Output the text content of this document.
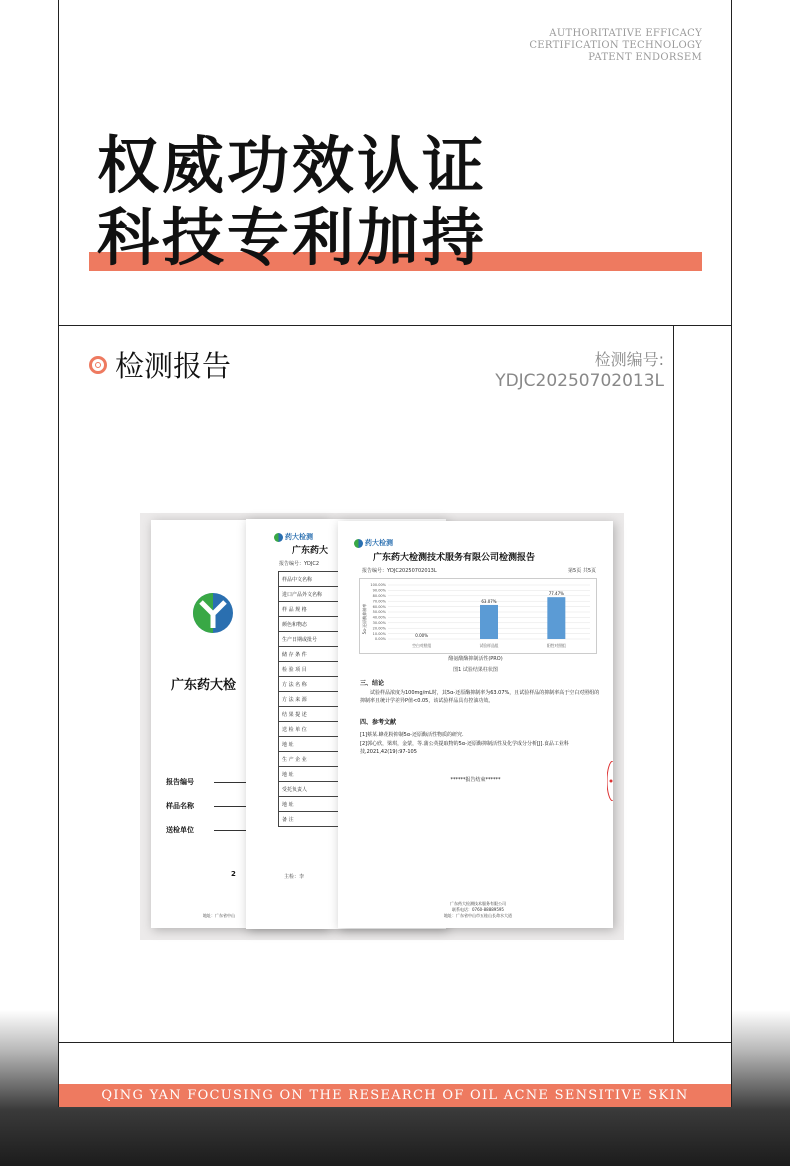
AUTHORITATIVE EFFICACY
CERTIFICATION TECHNOLOGY
PATENT ENDORSEM
权威功效认证
科技专利加持
检测报告	检测编号:
YDJC20250702013L
广东药大检
报告编号
样品名称
送检单位
2
地址：广东省中山
药大检测
广东药大
报告编号：YDJC2
样品中文名称	
进口产品外文名称	
样 品 规 格	
颜色和物态	
生产日期或批号	
储 存 条 件	
检 验 项 目	
方 法 名 称	
方 法 来 源	
结 果 提 述	
送 检 单 位	
地 址	
生 产 企 业	
地 址	
受托负责人	
地 址	
备 注	
主检：李
药大检测
广东药大检测技术服务有限公司检测报告
报告编号：YDJC20250702013L	第5页 共5页
5α-还原酶抑制率
0.00%
10.00%
20.00%
30.00%
40.00%
50.00%
60.00%
70.00%
80.00%
90.00%
100.00%
0.00%
空白对照组
63.07%
试验样品组
77.47%
阳性对照组
酪氨酸酶抑制活性(PRO)
图1 试验结果柱状图
三、结论
试验样品浓度为100mg/mL时，其5α-还原酶抑制率为63.07%，且试验样品的抑制率高于空白对照组的抑制率且统计学差异P值<0.05，该试验样品具有控油功效。
四、参考文献
[1]蔡某.蜂花粉抑制5α-还原酶活性物质的研究.
[2]郭心欣，梁琪，金蒙，等.蒲公英提取物的5α-还原酶抑制活性及化学成分分析[J].食品工业科技,2021,42(19):97-105
******报告结束******
广东药大检测技术服务有限公司
联系电话：0760-88889595
地址：广东省中山市五桂山长命水大道
QING YAN FOCUSING ON THE RESEARCH OF OIL ACNE SENSITIVE SKIN
